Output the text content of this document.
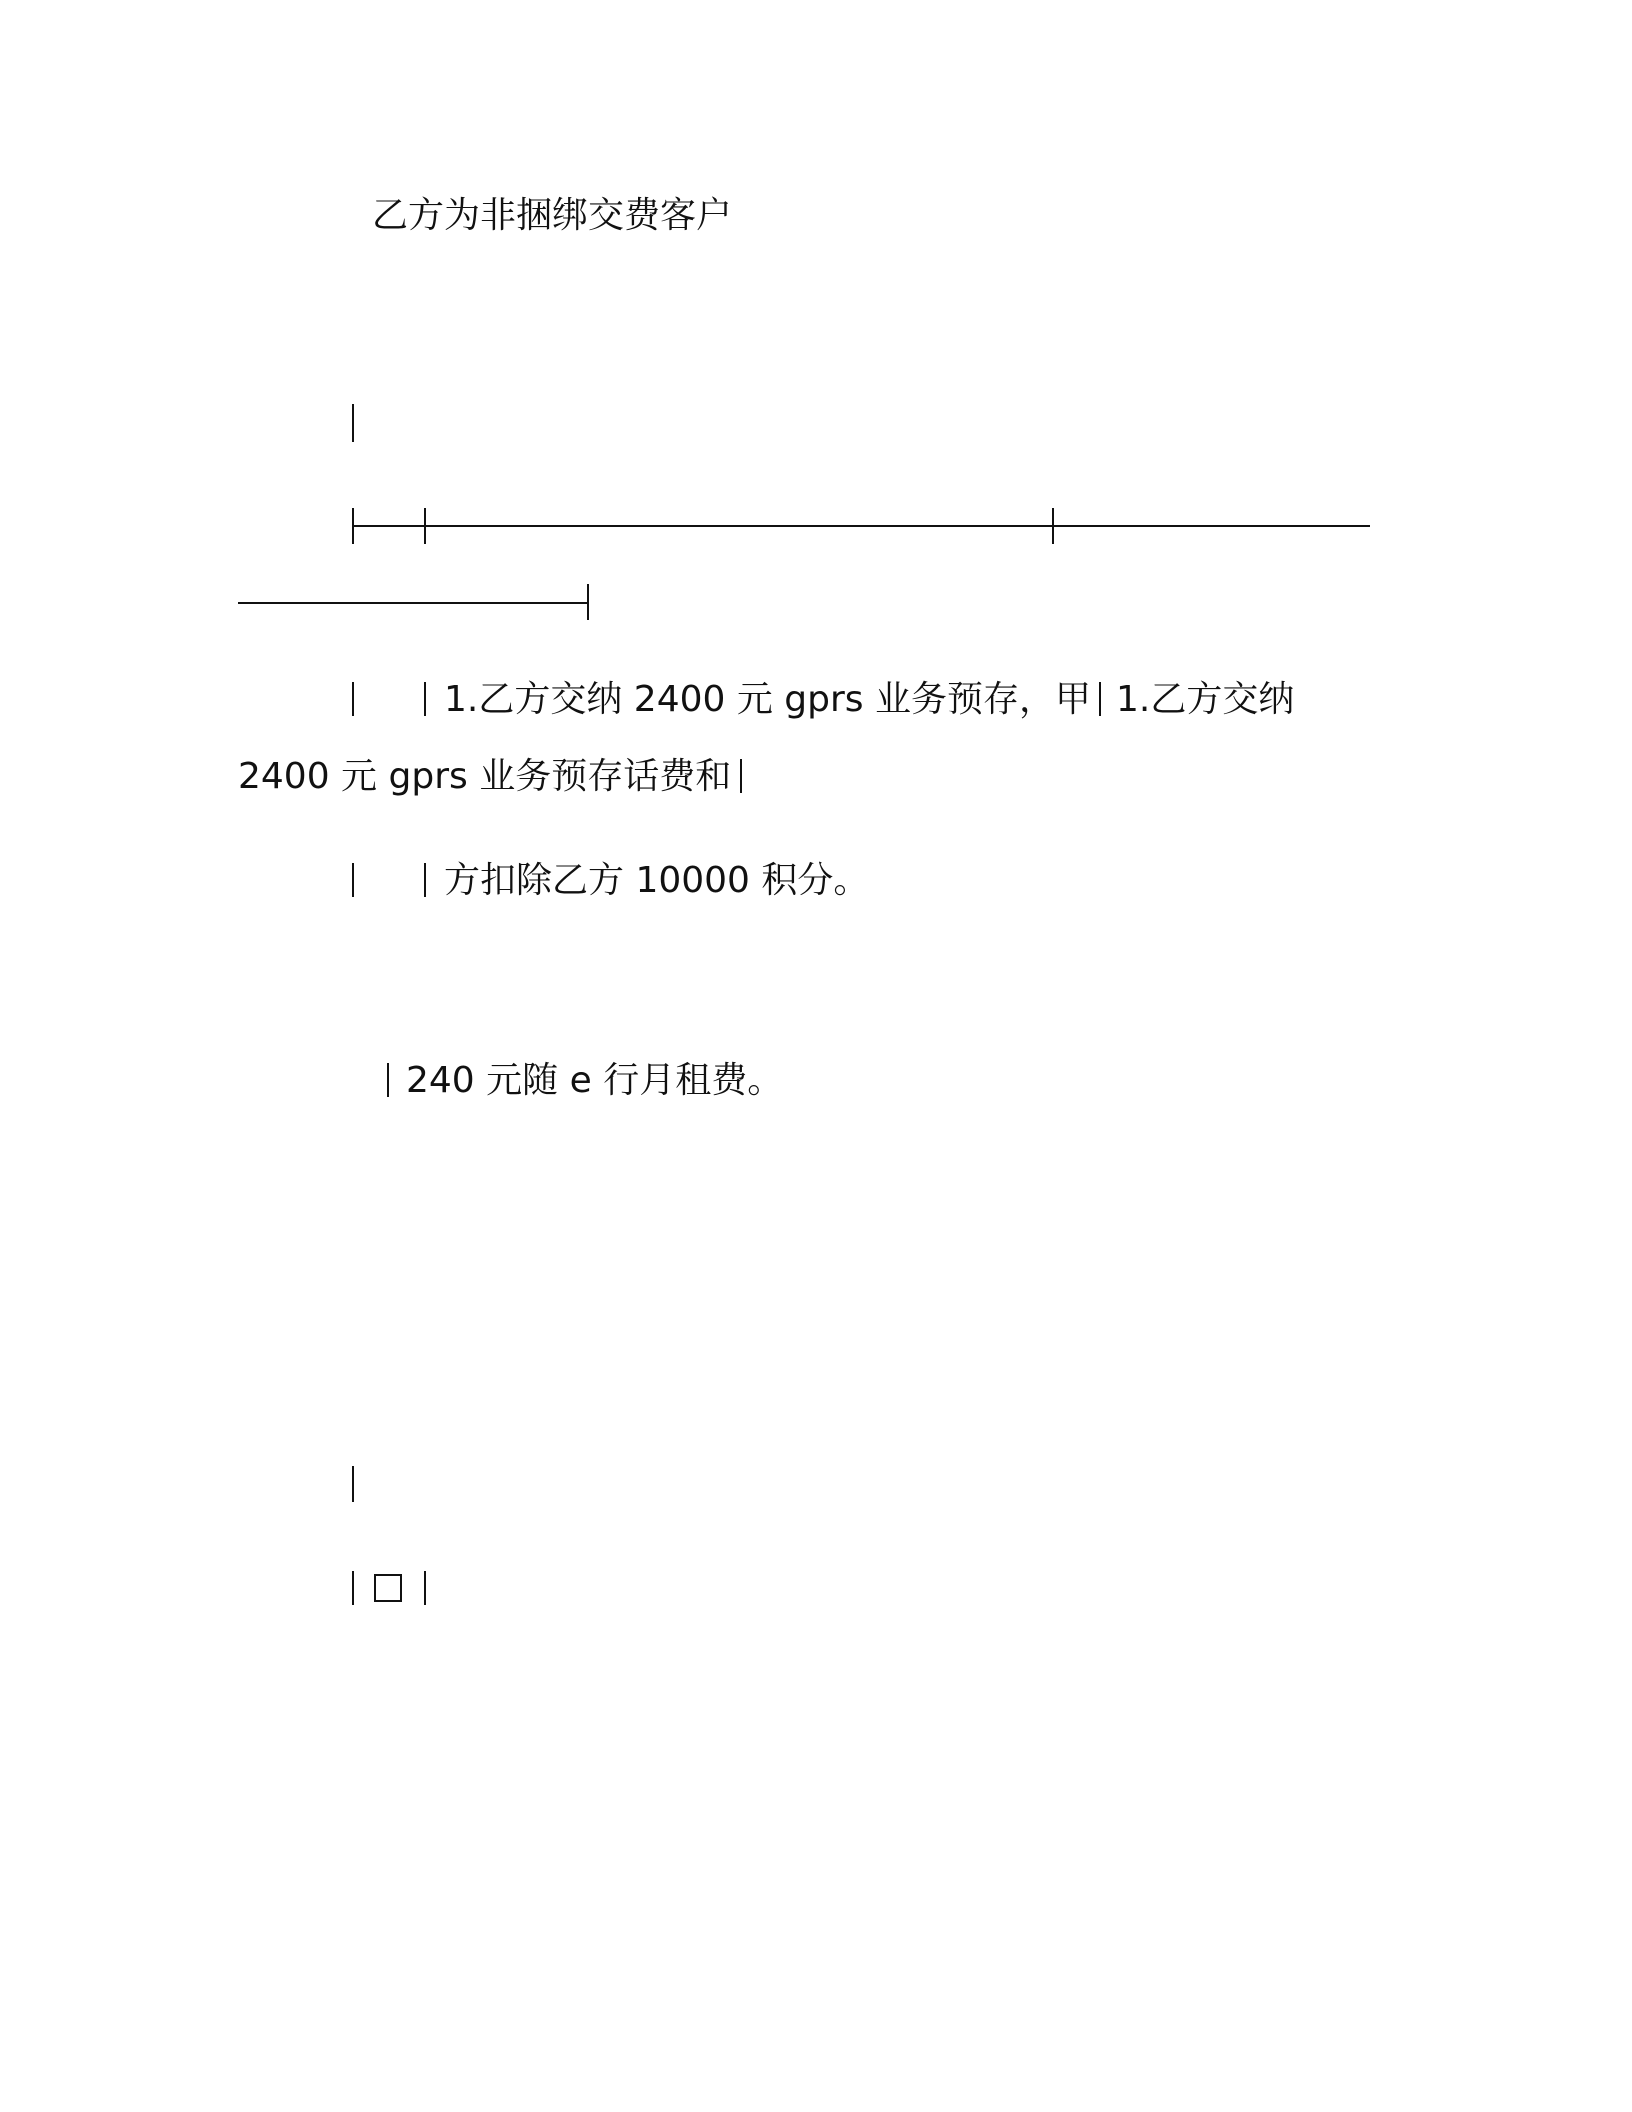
乙方为非捆绑交费客户
1.乙方交纳 2400 元 gprs 业务预存，甲 1.乙方交纳
2400 元 gprs 业务预存话费和
方扣除乙方 10000 积分。
240 元随 e 行月租费。
